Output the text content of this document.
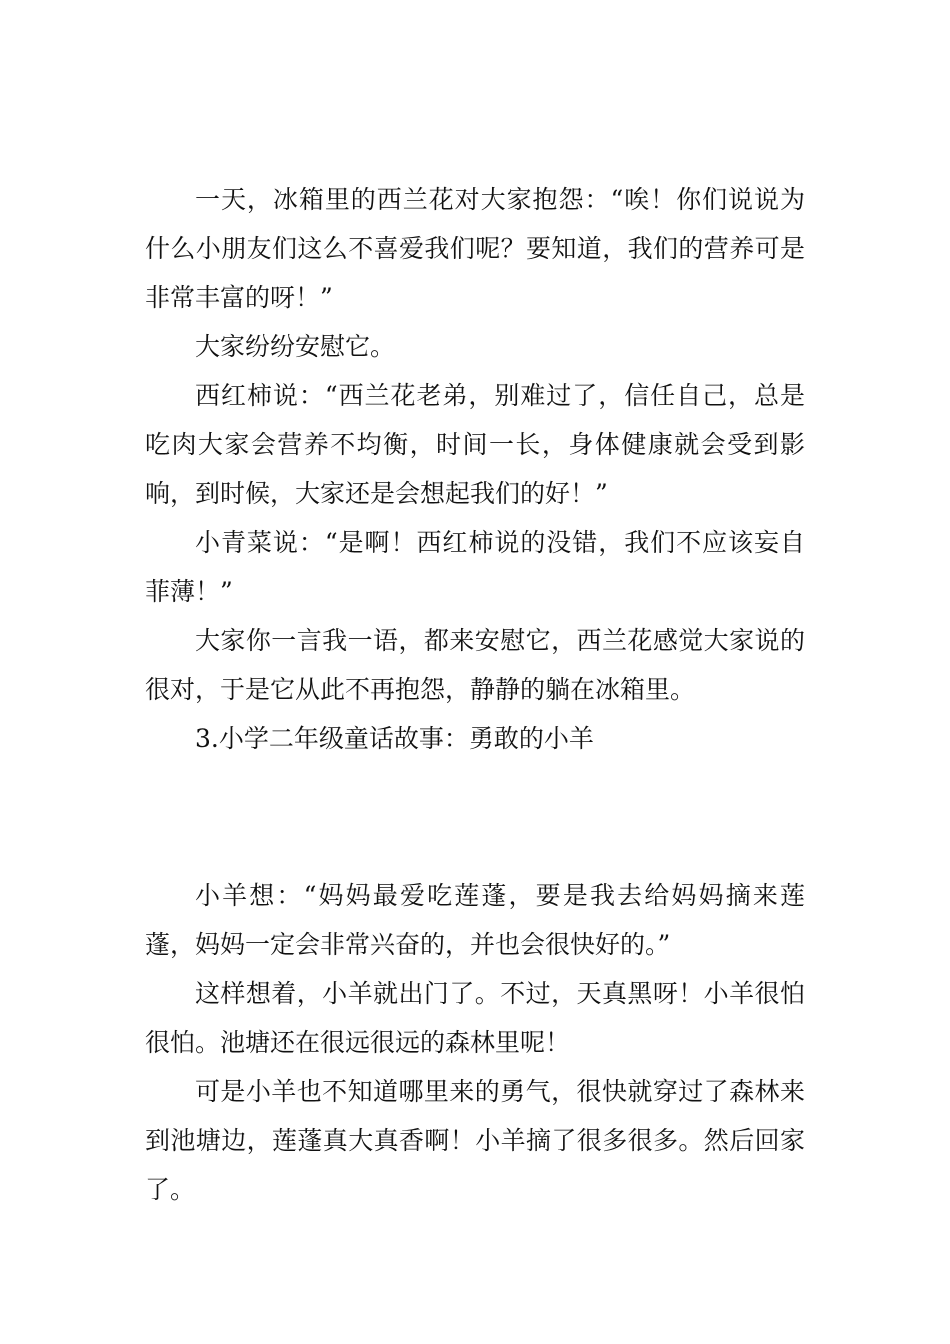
一天，冰箱里的西兰花对大家抱怨：“唉！你们说说为什么小朋友们这么不喜爱我们呢？要知道，我们的营养可是非常丰富的呀！”

大家纷纷安慰它。

西红柿说：“西兰花老弟，别难过了，信任自己，总是吃肉大家会营养不均衡，时间一长，身体健康就会受到影响，到时候，大家还是会想起我们的好！”

小青菜说：“是啊！西红柿说的没错，我们不应该妄自菲薄！”

大家你一言我一语，都来安慰它，西兰花感觉大家说的很对，于是它从此不再抱怨，静静的躺在冰箱里。

3.小学二年级童话故事：勇敢的小羊

小羊想：“妈妈最爱吃莲蓬，要是我去给妈妈摘来莲蓬，妈妈一定会非常兴奋的，并也会很快好的。”

这样想着，小羊就出门了。不过，天真黑呀！小羊很怕很怕。池塘还在很远很远的森林里呢！

可是小羊也不知道哪里来的勇气，很快就穿过了森林来到池塘边，莲蓬真大真香啊！小羊摘了很多很多。然后回家了。
